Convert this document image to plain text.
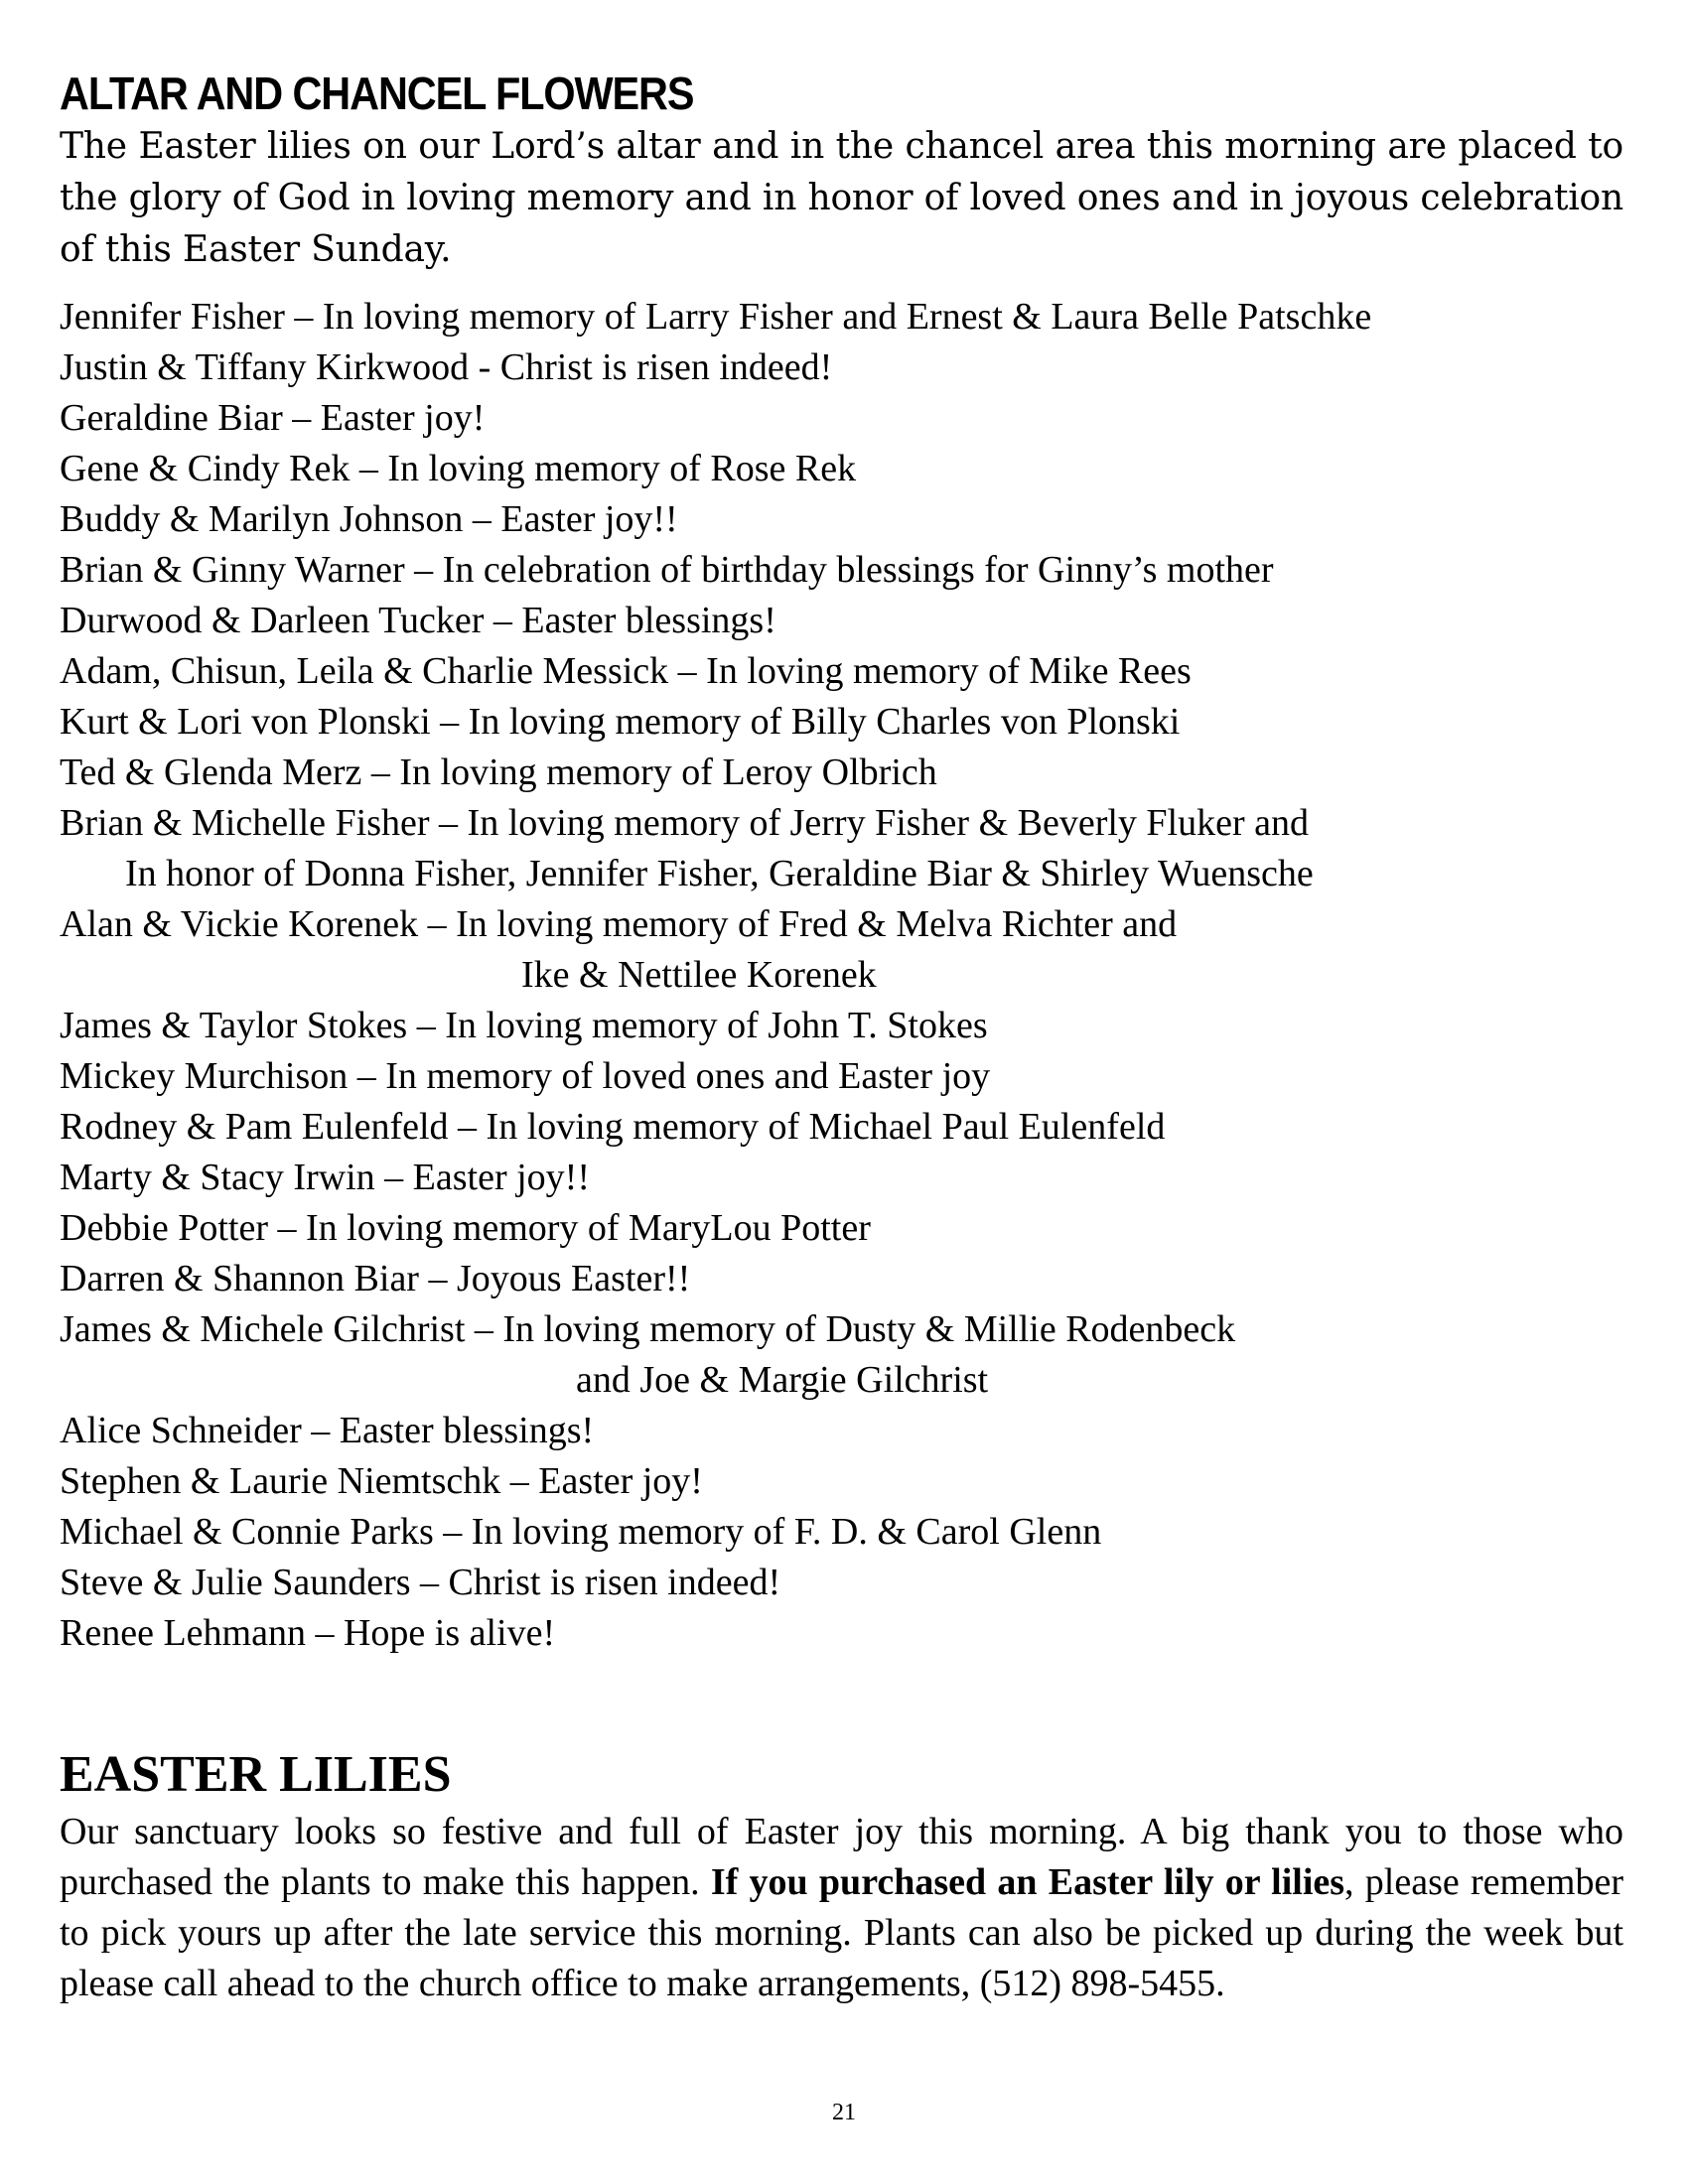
ALTAR AND CHANCEL FLOWERS

The Easter lilies on our Lord’s altar and in the chancel area this morning are placed to the glory of God in loving memory and in honor of loved ones and in joyous celebration of this Easter Sunday.

Jennifer Fisher – In loving memory of Larry Fisher and Ernest & Laura Belle Patschke
Justin & Tiffany Kirkwood - Christ is risen indeed!
Geraldine Biar – Easter joy!
Gene & Cindy Rek – In loving memory of Rose Rek
Buddy & Marilyn Johnson – Easter joy!!
Brian & Ginny Warner – In celebration of birthday blessings for Ginny’s mother
Durwood & Darleen Tucker – Easter blessings!
Adam, Chisun, Leila & Charlie Messick – In loving memory of Mike Rees
Kurt & Lori von Plonski – In loving memory of Billy Charles von Plonski
Ted & Glenda Merz – In loving memory of Leroy Olbrich
Brian & Michelle Fisher – In loving memory of Jerry Fisher & Beverly Fluker and
In honor of Donna Fisher, Jennifer Fisher, Geraldine Biar & Shirley Wuensche
Alan & Vickie Korenek – In loving memory of Fred & Melva Richter and
Ike & Nettilee Korenek
James & Taylor Stokes – In loving memory of John T. Stokes
Mickey Murchison – In memory of loved ones and Easter joy
Rodney & Pam Eulenfeld – In loving memory of Michael Paul Eulenfeld
Marty & Stacy Irwin – Easter joy!!
Debbie Potter – In loving memory of MaryLou Potter
Darren & Shannon Biar – Joyous Easter!!
James & Michele Gilchrist – In loving memory of Dusty & Millie Rodenbeck
and Joe & Margie Gilchrist
Alice Schneider – Easter blessings!
Stephen & Laurie Niemtschk – Easter joy!
Michael & Connie Parks – In loving memory of F. D. & Carol Glenn
Steve & Julie Saunders – Christ is risen indeed!
Renee Lehmann – Hope is alive!
EASTER LILIES

Our sanctuary looks so festive and full of Easter joy this morning. A big thank you to those who purchased the plants to make this happen. If you purchased an Easter lily or lilies, please remember to pick yours up after the late service this morning. Plants can also be picked up during the week but please call ahead to the church office to make arrangements, (512) 898-5455.

21
